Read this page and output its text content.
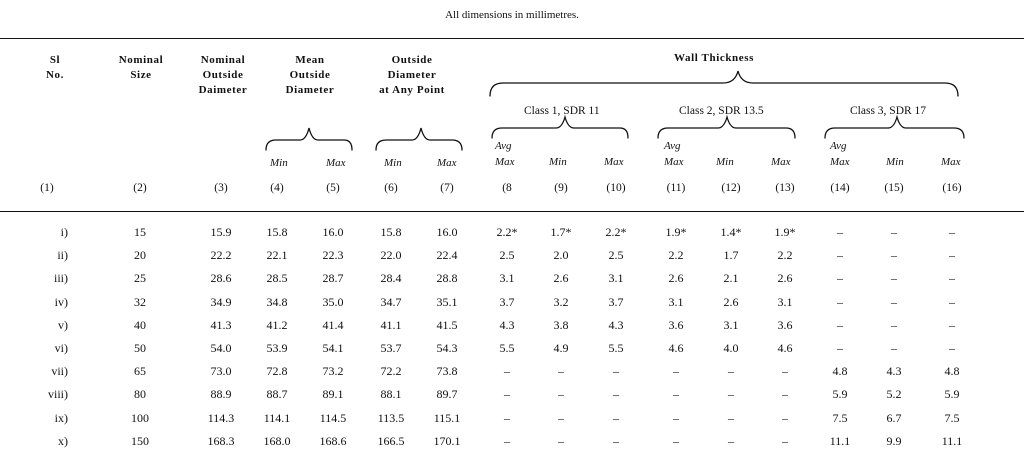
All dimensions in millimetres.
Sl
No.
Nominal
Size
Nominal
Outside
Daimeter
Mean
Outside
Diameter
Outside
Diameter
at Any Point
Wall Thickness
Class 1, SDR 11	Class 2, SDR 13.5	Class 3, SDR 17
Min	Max	Min	Max
Avg
Max	Min	Max
Avg
Max	Min	Max
Avg
Max	Min	Max
(1)	(2)	(3)	(4)	(5)	(6)	(7)	(8	(9)	(10)	(11)	(12)	(13)	(14)	(15)	(16)
i)	15	15.9	15.8	16.0	15.8	16.0	2.2*	1.7*	2.2*	1.9*	1.4*	1.9*	–	–	–
ii)	20	22.2	22.1	22.3	22.0	22.4	2.5	2.0	2.5	2.2	1.7	2.2	–	–	–
iii)	25	28.6	28.5	28.7	28.4	28.8	3.1	2.6	3.1	2.6	2.1	2.6	–	–	–
iv)	32	34.9	34.8	35.0	34.7	35.1	3.7	3.2	3.7	3.1	2.6	3.1	–	–	–
v)	40	41.3	41.2	41.4	41.1	41.5	4.3	3.8	4.3	3.6	3.1	3.6	–	–	–
vi)	50	54.0	53.9	54.1	53.7	54.3	5.5	4.9	5.5	4.6	4.0	4.6	–	–	–
vii)	65	73.0	72.8	73.2	72.2	73.8	–	–	–	–	–	–	4.8	4.3	4.8
viii)	80	88.9	88.7	89.1	88.1	89.7	–	–	–	–	–	–	5.9	5.2	5.9
ix)	100	114.3	114.1	114.5	113.5	115.1	–	–	–	–	–	–	7.5	6.7	7.5
x)	150	168.3	168.0	168.6	166.5	170.1	–	–	–	–	–	–	11.1	9.9	11.1
